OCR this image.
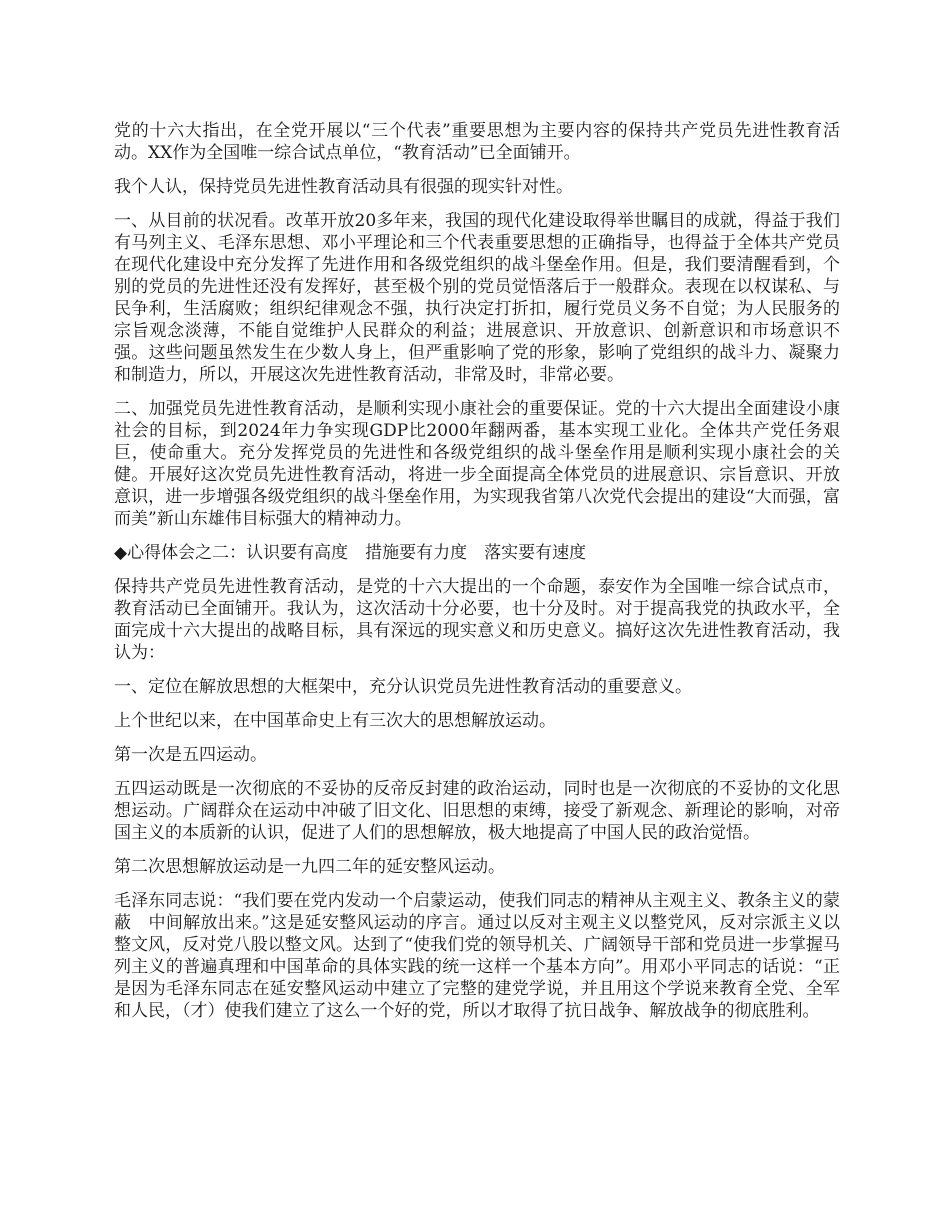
党的十六大指出，在全党开展以“三个代表”重要思想为主要内容的保持共产党员先进性教育活动。XX作为全国唯一综合试点单位，“教育活动”已全面铺开。

我个人认，保持党员先进性教育活动具有很强的现实针对性。

一、从目前的状况看。改革开放20多年来，我国的现代化建设取得举世瞩目的成就，得益于我们有马列主义、毛泽东思想、邓小平理论和三个代表重要思想的正确指导，也得益于全体共产党员在现代化建设中充分发挥了先进作用和各级党组织的战斗堡垒作用。但是，我们要清醒看到，个别的党员的先进性还没有发挥好，甚至极个别的党员觉悟落后于一般群众。表现在以权谋私、与民争利，生活腐败；组织纪律观念不强，执行决定打折扣，履行党员义务不自觉；为人民服务的宗旨观念淡薄，不能自觉维护人民群众的利益；进展意识、开放意识、创新意识和市场意识不强。这些问题虽然发生在少数人身上，但严重影响了党的形象，影响了党组织的战斗力、凝聚力和制造力，所以，开展这次先进性教育活动，非常及时，非常必要。

二、加强党员先进性教育活动，是顺利实现小康社会的重要保证。党的十六大提出全面建设小康社会的目标，到2024年力争实现GDP比2000年翻两番，基本实现工业化。全体共产党任务艰巨，使命重大。充分发挥党员的先进性和各级党组织的战斗堡垒作用是顺利实现小康社会的关健。开展好这次党员先进性教育活动，将进一步全面提高全体党员的进展意识、宗旨意识、开放意识，进一步增强各级党组织的战斗堡垒作用，为实现我省第八次党代会提出的建设“大而强，富而美”新山东雄伟目标强大的精神动力。

◆心得体会之二：认识要有高度　措施要有力度　落实要有速度

保持共产党员先进性教育活动，是党的十六大提出的一个命题，泰安作为全国唯一综合试点市，教育活动已全面铺开。我认为，这次活动十分必要，也十分及时。对于提高我党的执政水平，全面完成十六大提出的战略目标，具有深远的现实意义和历史意义。搞好这次先进性教育活动，我认为：

一、定位在解放思想的大框架中，充分认识党员先进性教育活动的重要意义。

上个世纪以来，在中国革命史上有三次大的思想解放运动。

第一次是五四运动。

五四运动既是一次彻底的不妥协的反帝反封建的政治运动，同时也是一次彻底的不妥协的文化思想运动。广阔群众在运动中冲破了旧文化、旧思想的束缚，接受了新观念、新理论的影响，对帝国主义的本质新的认识，促进了人们的思想解放，极大地提高了中国人民的政治觉悟。

第二次思想解放运动是一九四二年的延安整风运动。

毛泽东同志说：“我们要在党内发动一个启蒙运动，使我们同志的精神从主观主义、教条主义的蒙蔽　中间解放出来。”这是延安整风运动的序言。通过以反对主观主义以整党风，反对宗派主义以整文风，反对党八股以整文风。达到了“使我们党的领导机关、广阔领导干部和党员进一步掌握马列主义的普遍真理和中国革命的具体实践的统一这样一个基本方向”。用邓小平同志的话说：“正是因为毛泽东同志在延安整风运动中建立了完整的建党学说，并且用这个学说来教育全党、全军和人民，（才）使我们建立了这么一个好的党，所以才取得了抗日战争、解放战争的彻底胜利。
